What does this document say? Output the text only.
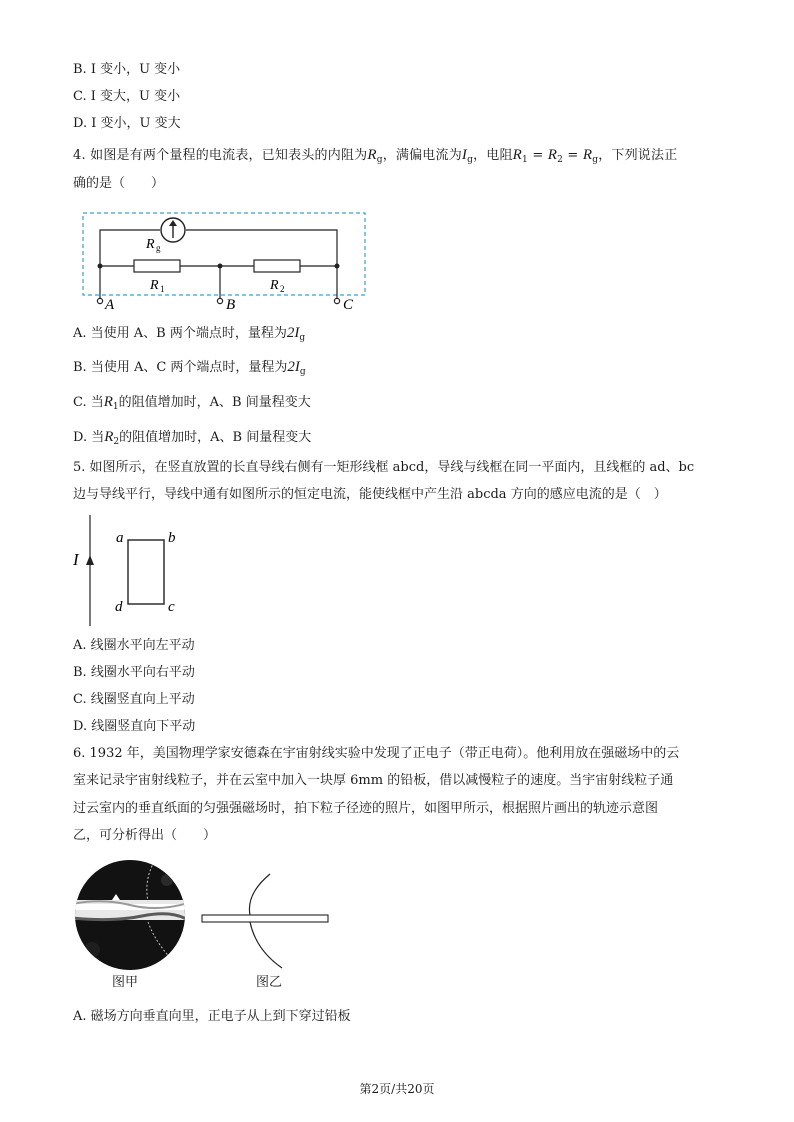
B. I 变小，U 变小
C. I 变大，U 变小
D. I 变小，U 变大
4. 如图是有两个量程的电流表，已知表头的内阻为$R_g$，满偏电流为$I_g$，电阻$R_1 = R_2 = R_g$，下列说法正
确的是（　　）
R g
R 1	R 2
A	B	C
A. 当使用 A、B 两个端点时，量程为$2I_g$
B. 当使用 A、C 两个端点时，量程为$2I_g$
C. 当$R_1$的阻值增加时，A、B 间量程变大
D. 当$R_2$的阻值增加时，A、B 间量程变大
5. 如图所示，在竖直放置的长直导线右侧有一矩形线框 abcd，导线与线框在同一平面内，且线框的 ad、bc
边与导线平行，导线中通有如图所示的恒定电流，能使线框中产生沿 abcda 方向的感应电流的是（　）
I
a	b
c
d
A. 线圈水平向左平动
B. 线圈水平向右平动
C. 线圈竖直向上平动
D. 线圈竖直向下平动
6. 1932 年，美国物理学家安德森在宇宙射线实验中发现了正电子（带正电荷）。他利用放在强磁场中的云
室来记录宇宙射线粒子，并在云室中加入一块厚 6mm 的铅板，借以减慢粒子的速度。当宇宙射线粒子通
过云室内的垂直纸面的匀强强磁场时，拍下粒子径迹的照片，如图甲所示，根据照片画出的轨迹示意图
乙，可分析得出（　　）
图甲	图乙
A. 磁场方向垂直向里，正电子从上到下穿过铅板
第2页/共20页
